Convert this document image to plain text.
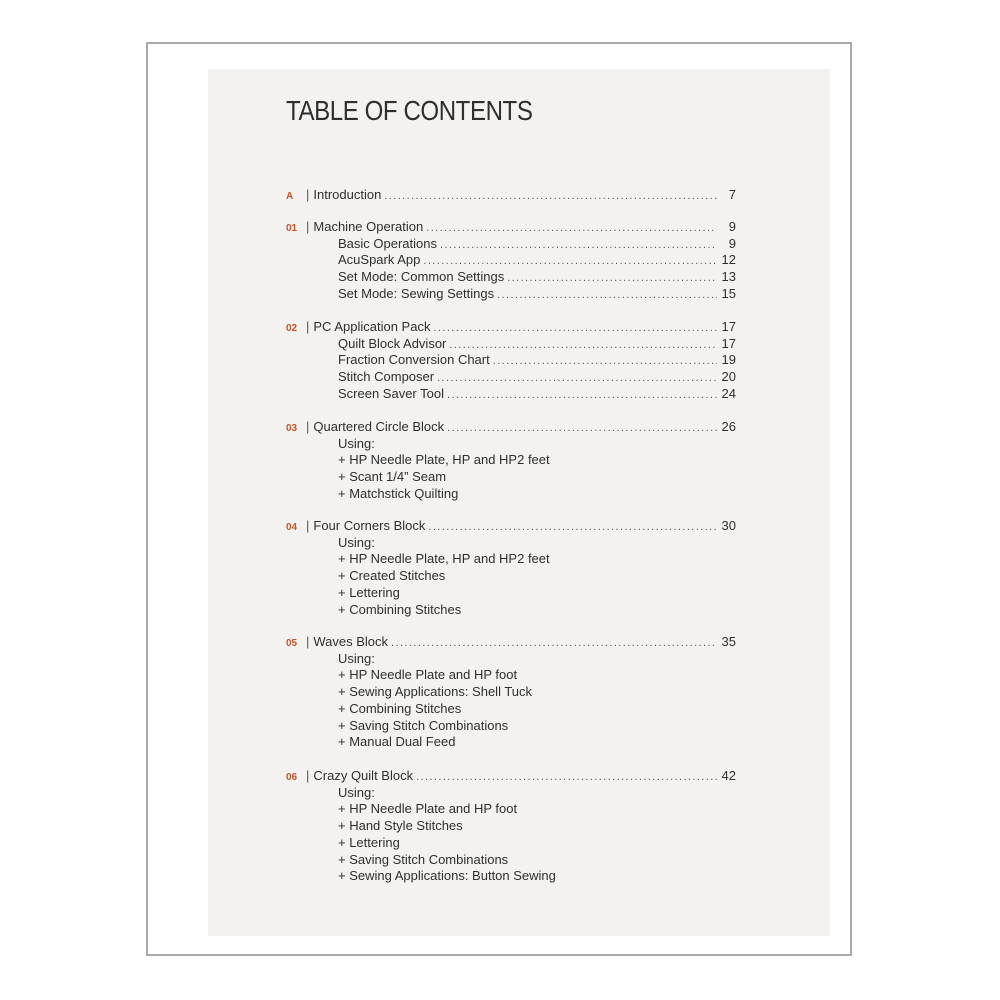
TABLE OF CONTENTS
A | Introduction .....	7
01 | Machine Operation .....	9
Basic Operations .....	9
AcuSpark App .....	12
Set Mode: Common Settings .....	13
Set Mode: Sewing Settings .....	15
02 | PC Application Pack .....	17
Quilt Block Advisor .....	17
Fraction Conversion Chart .....	19
Stitch Composer .....	20
Screen Saver Tool .....	24
03 | Quartered Circle Block .....	26
Using:
+ HP Needle Plate, HP and HP2 feet
+ Scant 1/4” Seam
+ Matchstick Quilting
04 | Four Corners Block .....	30
Using:
+ HP Needle Plate, HP and HP2 feet
+ Created Stitches
+ Lettering
+ Combining Stitches
05 | Waves Block .....	35
Using:
+ HP Needle Plate and HP foot
+ Sewing Applications: Shell Tuck
+ Combining Stitches
+ Saving Stitch Combinations
+ Manual Dual Feed
06 | Crazy Quilt Block .....	42
Using:
+ HP Needle Plate and HP foot
+ Hand Style Stitches
+ Lettering
+ Saving Stitch Combinations
+ Sewing Applications: Button Sewing
